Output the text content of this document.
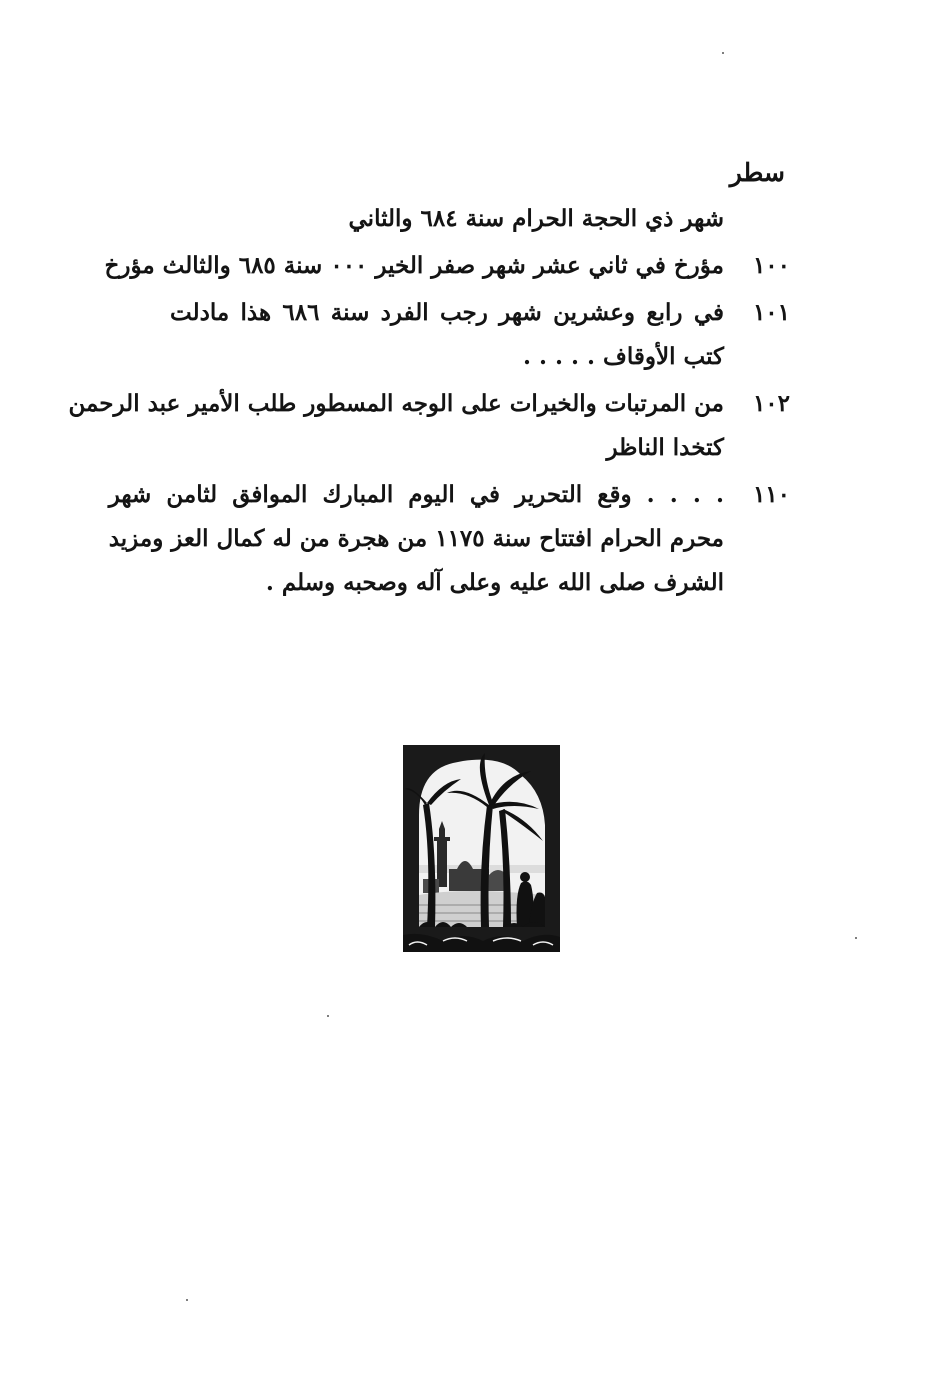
سطر
شهر ذي الحجة الحرام سنة ٦٨٤ والثاني
١٠٠
مؤرخ في ثاني عشر شهر صفر الخير ٠٠٠ سنة ٦٨٥ والثالث مؤرخ
١٠١
في رابع وعشرين شهر رجب الفرد سنة ٦٨٦ هذا مادلت
كتب الأوقاف . . . . .
١٠٢
من المرتبات والخيرات على الوجه المسطور طلب الأمير عبد الرحمن
كتخدا الناظر
١١٠
. . . . وقع التحرير في اليوم المبارك الموافق لثامن شهر
محرم الحرام افتتاح سنة ١١٧٥ من هجرة من له كمال العز ومزيد
الشرف صلى الله عليه وعلى آله وصحبه وسلم .
